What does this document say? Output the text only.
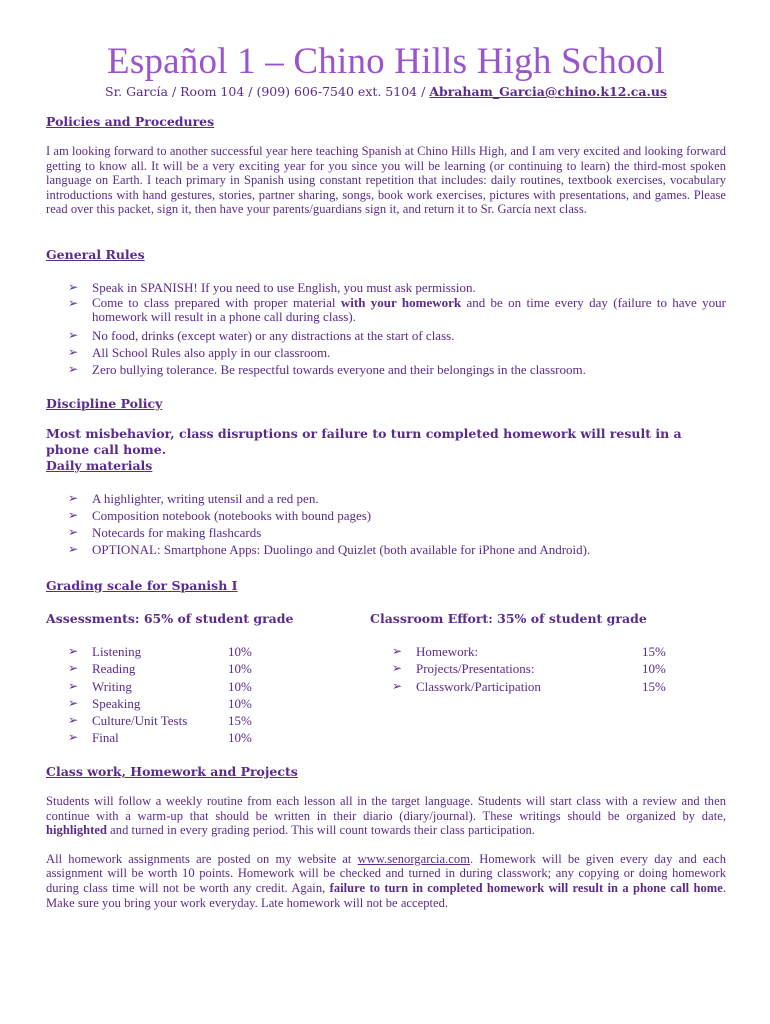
Español 1 – Chino Hills High School
Sr. García / Room 104 / (909) 606-7540 ext. 5104 / Abraham_Garcia@chino.k12.ca.us

Policies and Procedures

I am looking forward to another successful year here teaching Spanish at Chino Hills High, and I am very excited and looking forward getting to know all. It will be a very exciting year for you since you will be learning (or continuing to learn) the third-most spoken language on Earth. I teach primary in Spanish using constant repetition that includes: daily routines, textbook exercises, vocabulary introductions with hand gestures, stories, partner sharing, songs, book work exercises, pictures with presentations, and games. Please read over this packet, sign it, then have your parents/guardians sign it, and return it to Sr. García next class.

General Rules

➢ Speak in SPANISH! If you need to use English, you must ask permission.
➢ Come to class prepared with proper material with your homework and be on time every day (failure to have your homework will result in a phone call during class).
➢ No food, drinks (except water) or any distractions at the start of class.
➢ All School Rules also apply in our classroom.
➢ Zero bullying tolerance. Be respectful towards everyone and their belongings in the classroom.

Discipline Policy

Most misbehavior, class disruptions or failure to turn completed homework will result in a phone call home.

Daily materials

➢ A highlighter, writing utensil and a red pen.
➢ Composition notebook (notebooks with bound pages)
➢ Notecards for making flashcards
➢ OPTIONAL: Smartphone Apps: Duolingo and Quizlet (both available for iPhone and Android).

Grading scale for Spanish I

Assessments: 65% of student grade	Classroom Effort: 35% of student grade
➢ Listening	10%
➢ Reading	10%
➢ Writing	10%
➢ Speaking	10%
➢ Culture/Unit Tests	15%
➢ Final	10%
➢ Homework:	15%
➢ Projects/Presentations:	10%
➢ Classwork/Participation	15%

Class work, Homework and Projects

Students will follow a weekly routine from each lesson all in the target language. Students will start class with a review and then continue with a warm-up that should be written in their diario (diary/journal). These writings should be organized by date, highlighted and turned in every grading period. This will count towards their class participation.

All homework assignments are posted on my website at www.senorgarcia.com. Homework will be given every day and each assignment will be worth 10 points. Homework will be checked and turned in during classwork; any copying or doing homework during class time will not be worth any credit. Again, failure to turn in completed homework will result in a phone call home. Make sure you bring your work everyday. Late homework will not be accepted.
